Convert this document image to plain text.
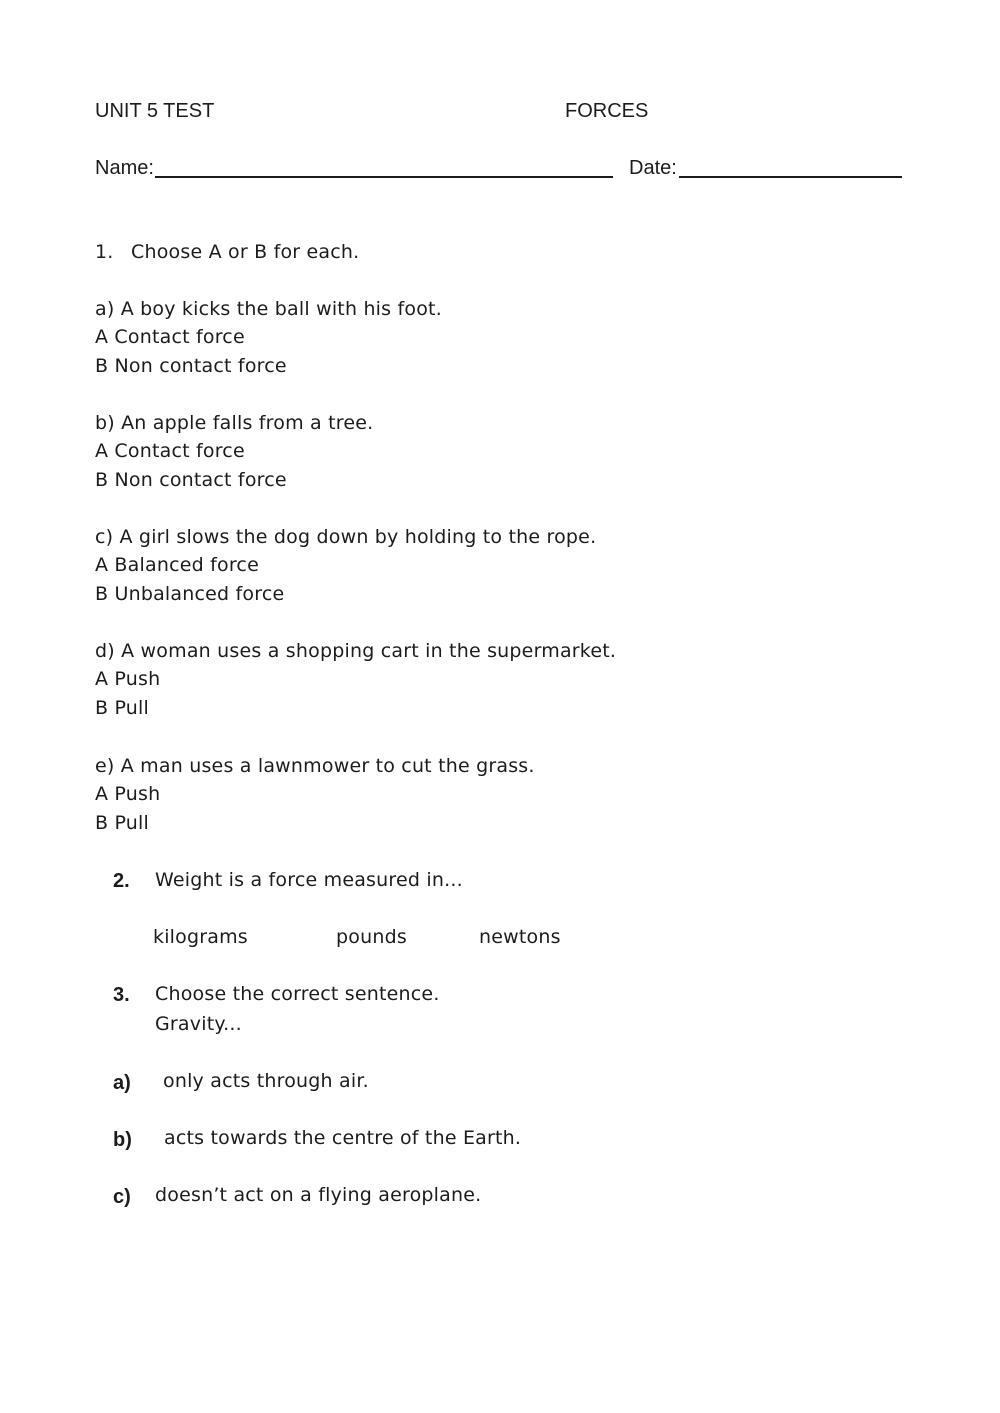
UNIT 5 TEST	FORCES
Name:	Date:
1. Choose A or B for each.
a) A boy kicks the ball with his foot.
A Contact force
B Non contact force
b) An apple falls from a tree.
A Contact force
B Non contact force
c) A girl slows the dog down by holding to the rope.
A Balanced force
B Unbalanced force
d) A woman uses a shopping cart in the supermarket.
A Push
B Pull
e) A man uses a lawnmower to cut the grass.
A Push
B Pull
2. Weight is a force measured in...
kilograms	pounds	newtons
3. Choose the correct sentence.
Gravity...
a) only acts through air.
b) acts towards the centre of the Earth.
c) doesn’t act on a flying aeroplane.
